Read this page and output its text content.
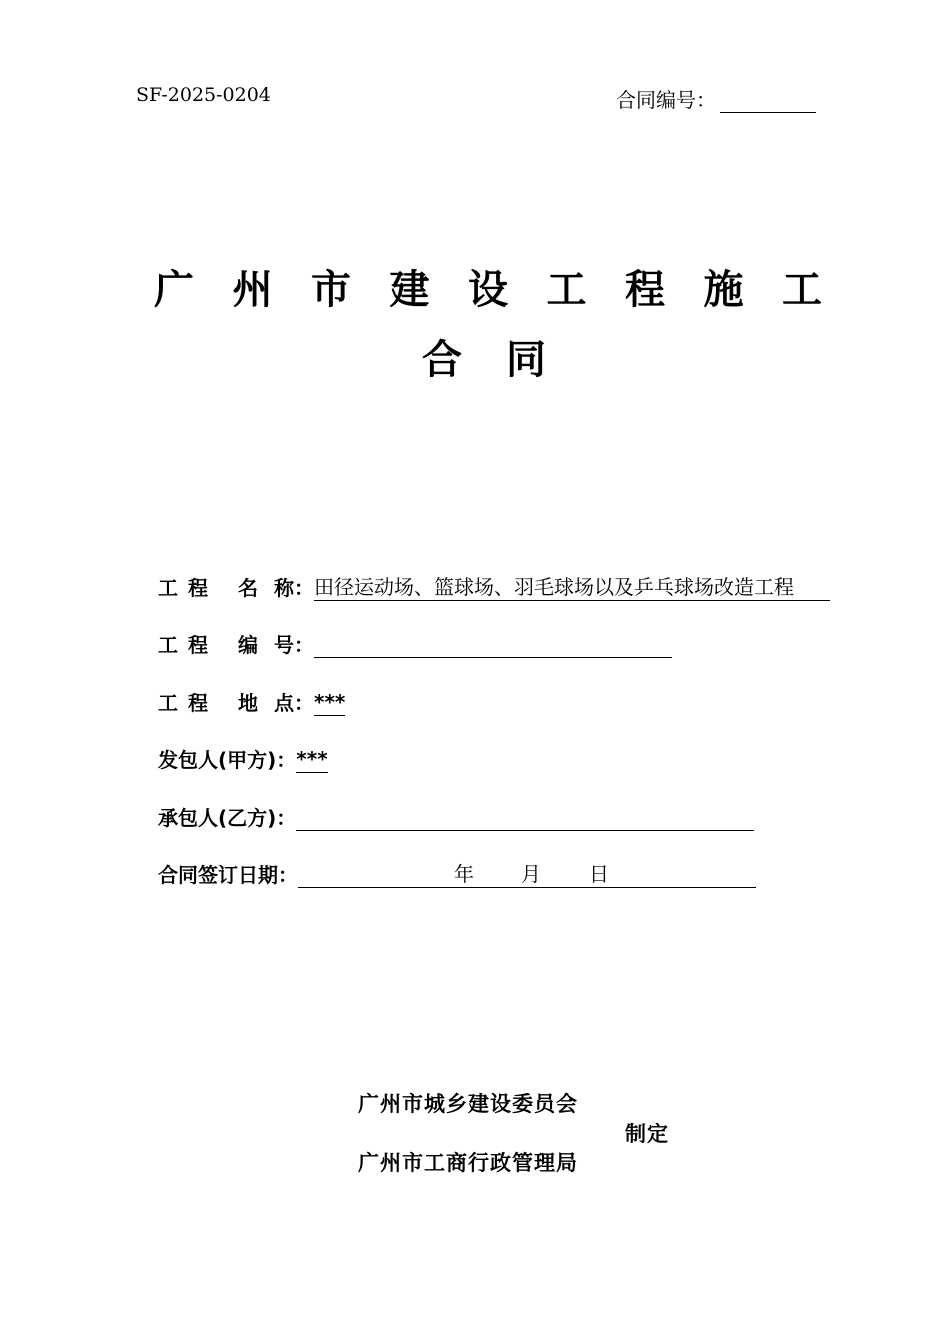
SF-2025-0204	合同编号：
广 州 市 建 设 工 程 施 工
合 同
工 程 名 称 ： 田径运动场、篮球场、羽毛球场以及乒乓球场改造工程
工 程 编 号 ：
工 程 地 点 ： ***
发包人(甲方) ： ***
承包人(乙方) ：
合同签订日期 ：	年 月 日
广州市城乡建设委员会
制定
广州市工商行政管理局
